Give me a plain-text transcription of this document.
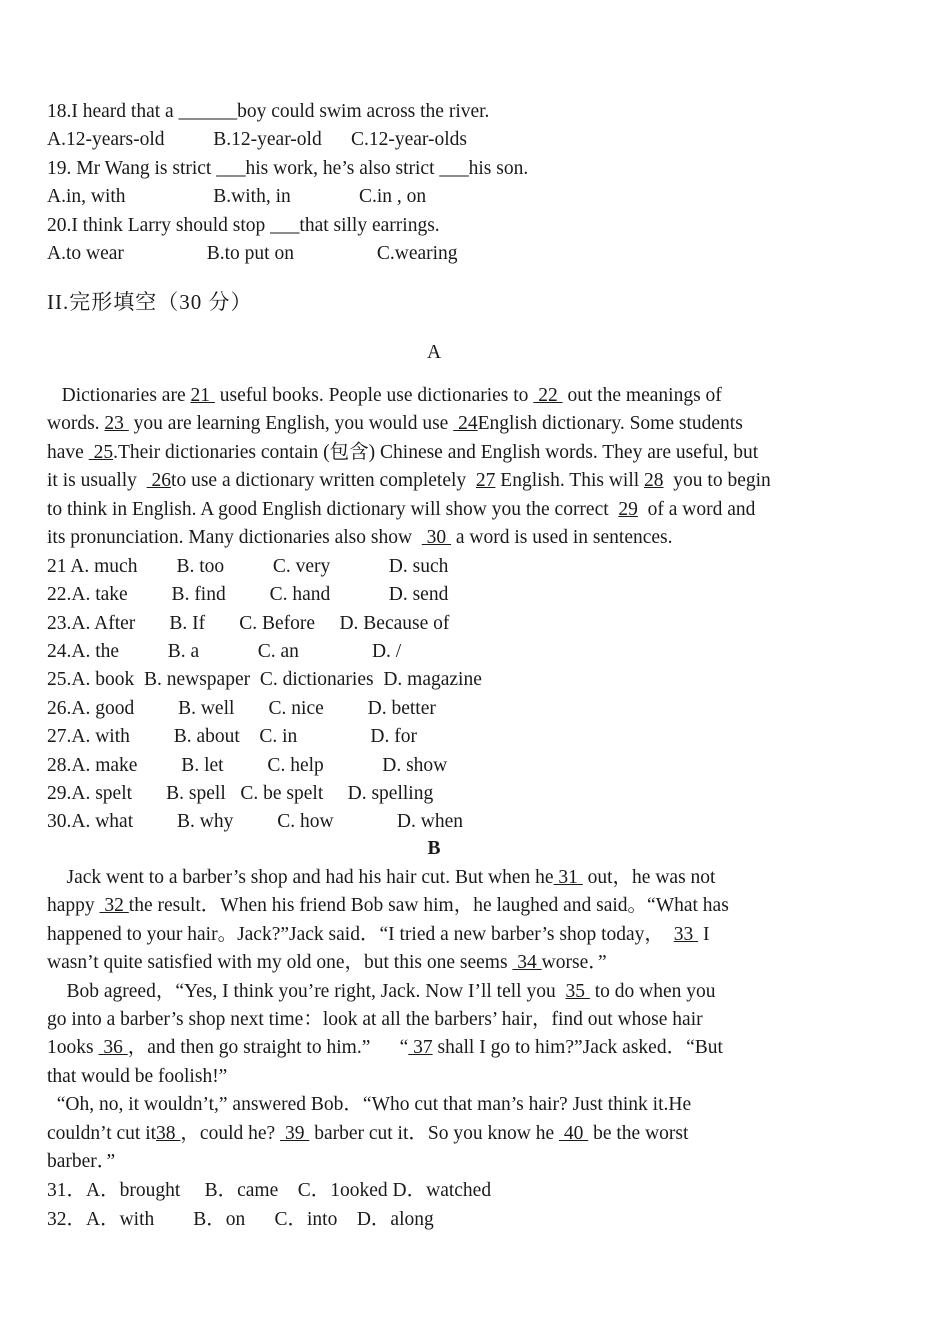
18.I heard that a ______boy could swim across the river.
A.12-years-old          B.12-year-old      C.12-year-olds
19. Mr Wang is strict ___his work, he’s also strict ___his son.
A.in, with                  B.with, in              C.in , on
20.I think Larry should stop ___that silly earrings.
A.to wear                 B.to put on                 C.wearing
II.完形填空（30 分）
A
Dictionaries are 21  useful books. People use dictionaries to  22  out the meanings of
words. 23  you are learning English, you would use  24English dictionary. Some students
have  25.Their dictionaries contain (包含) Chinese and English words. They are useful, but
it is usually   26to use a dictionary written completely  27 English. This will 28  you to begin
to think in English. A good English dictionary will show you the correct  29  of a word and
its pronunciation. Many dictionaries also show   30  a word is used in sentences.
21 A. much        B. too          C. very            D. such
22.A. take         B. find         C. hand            D. send
23.A. After       B. If       C. Before     D. Because of
24.A. the          B. a            C. an               D. /
25.A. book  B. newspaper  C. dictionaries  D. magazine
26.A. good         B. well       C. nice         D. better
27.A. with         B. about    C. in               D. for
28.A. make         B. let         C. help            D. show
29.A. spelt       B. spell   C. be spelt     D. spelling
30.A. what         B. why         C. how             D. when
B
Jack went to a barber’s shop and had his hair cut. But when he 31  out，he was not
happy  32 the result．When his friend Bob saw him，he laughed and said。“What has
happened to your hair。Jack?”Jack said．“I tried a new barber’s shop today，  33  I
wasn’t quite satisfied with my old one，but this one seems  34 worse．”
Bob agreed，“Yes, I think you’re right, Jack. Now I’ll tell you  35  to do when you
go into a barber’s shop next time：look at all the barbers’ hair，find out whose hair
1ooks  36 ，and then go straight to him.”      “ 37 shall I go to him?”Jack asked．“But
that would be foolish!”
“Oh, no, it wouldn’t,” answered Bob．“Who cut that man’s hair? Just think it.He
couldn’t cut it38 ，could he?  39  barber cut it．So you know he  40  be the worst
barber．”
31．A．brought     B．came    C．1ooked D．watched
32．A．with        B．on      C．into    D．along
